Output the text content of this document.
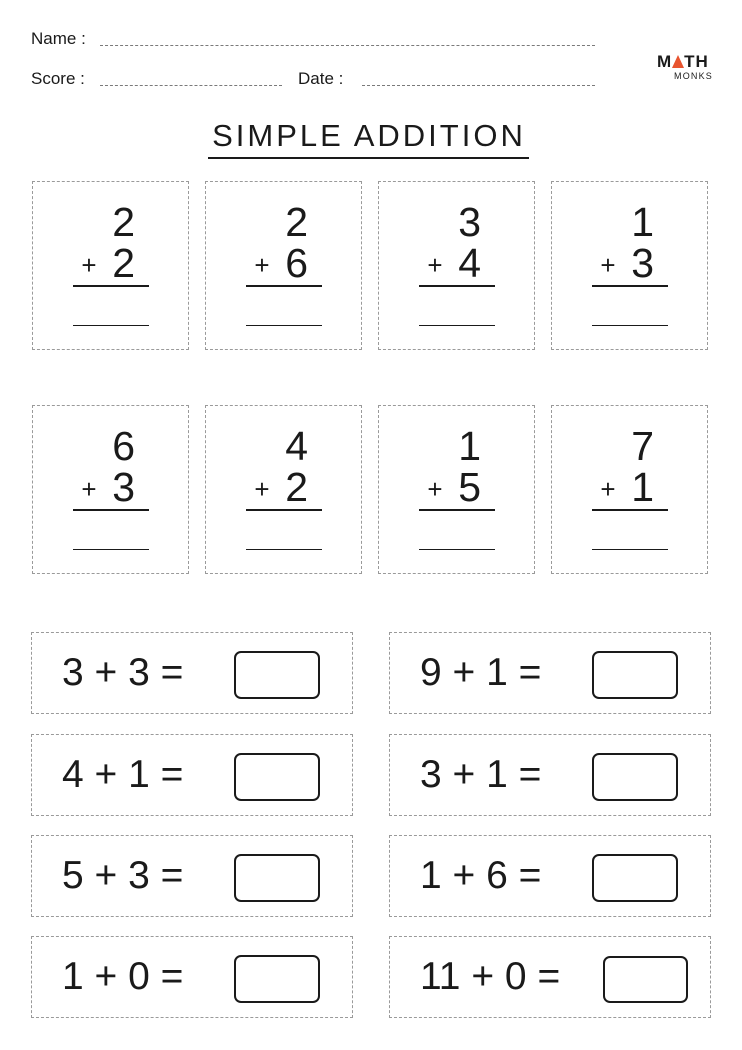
Name :
Score :	Date :
M TH
MONKS
SIMPLE ADDITION
2
+ 2
2
+ 6
3
+ 4
1
+ 3
6
+ 3
4
+ 2
1
+ 5
7
+ 1
3 + 3 =	9 + 1 =
4 + 1 =	3 + 1 =
5 + 3 =	1 + 6 =
1 + 0 =	11 + 0 =
